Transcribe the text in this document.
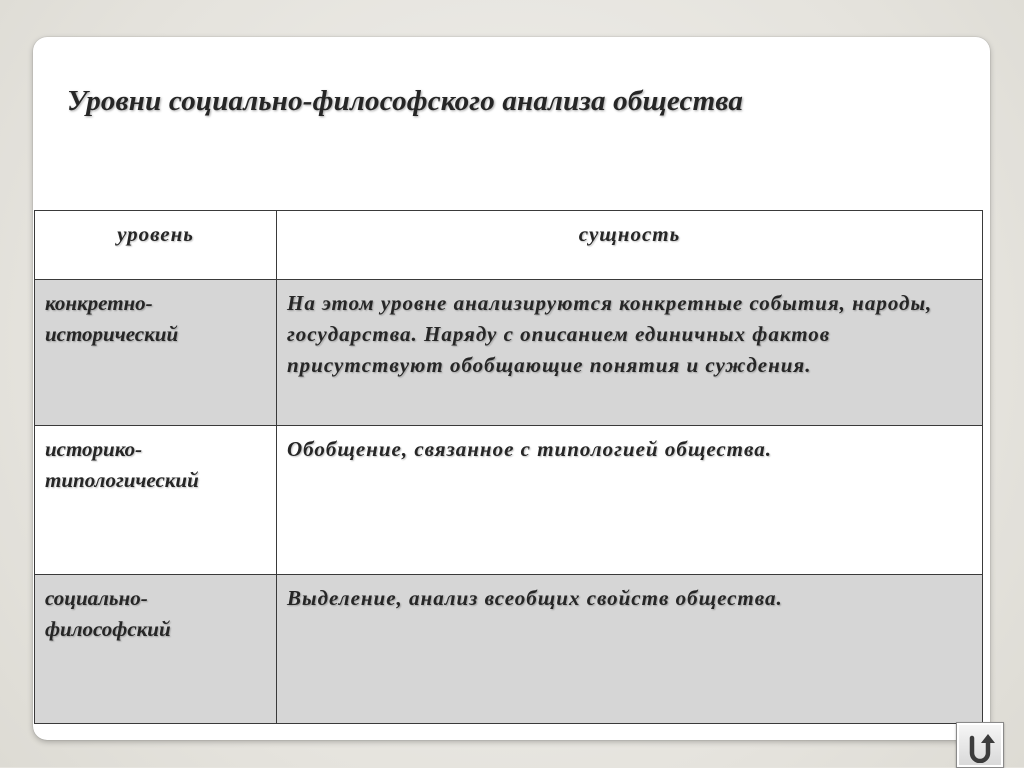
Уровни социально-философского анализа общества
уровень	сущность
конкретно-исторический	На этом уровне анализируются конкретные события, народы, государства. Наряду с описанием единичных фактов присутствуют обобщающие понятия и суждения.
историко-типологический	Обобщение, связанное с типологией общества.
социально-философский	Выделение, анализ всеобщих свойств общества.
